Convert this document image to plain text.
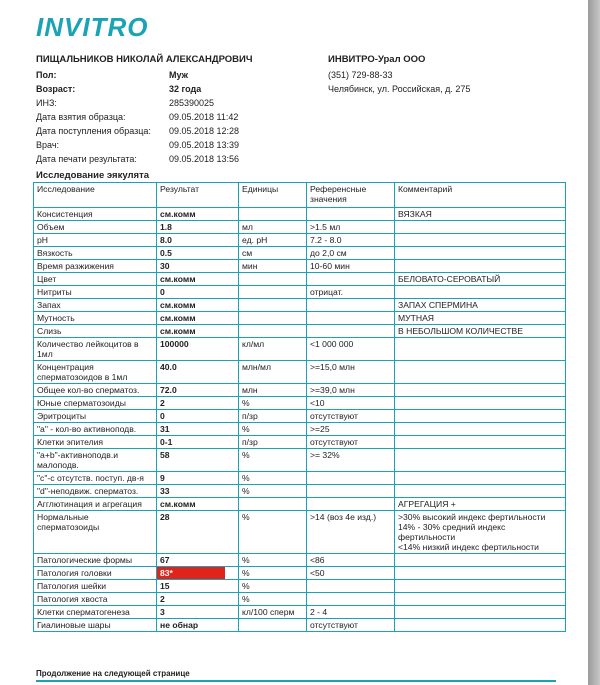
INVITRO
ПИЩАЛЬНИКОВ НИКОЛАЙ АЛЕКСАНДРОВИЧ
Пол:	Муж
Возраст:	32 года
ИНЗ:	285390025
Дата взятия образца:	09.05.2018 11:42
Дата поступления образца:	09.05.2018 12:28
Врач:	09.05.2018 13:39
Дата печати результата:	09.05.2018 13:56
ИНВИТРО-Урал ООО
(351) 729-88-33
Челябинск, ул. Российская, д. 275
Исследование эякулята
Исследование	Результат	Единицы	Референсные значения	Комментарий
Консистенция	см.комм			ВЯЗКАЯ
Объем	1.8	мл	>1.5 мл	
pH	8.0	ед. pH	7.2 - 8.0	
Вязкость	0.5	см	до 2,0 см	
Время разжижения	30	мин	10-60 мин	
Цвет	см.комм			БЕЛОВАТО-СЕРОВАТЫЙ
Нитриты	0		отрицат.	
Запах	см.комм			ЗАПАХ СПЕРМИНА
Мутность	см.комм			МУТНАЯ
Слизь	см.комм			В НЕБОЛЬШОМ КОЛИЧЕСТВЕ
Количество лейкоцитов в 1мл	100000	кл/мл	<1 000 000	
Концентрация сперматозоидов в 1мл	40.0	млн/мл	>=15,0 млн	
Общее кол-во сперматоз.	72.0	млн	>=39,0 млн	
Юные сперматозоиды	2	%	<10	
Эритроциты	0	п/зр	отсутствуют	
"a" - кол-во активноподв.	31	%	>=25	
Клетки эпителия	0-1	п/зр	отсутствуют	
"a+b"-активноподв.и малоподв.	58	%	>= 32%	
"c"-с отсутств. поступ. дв-я	9	%		
"d"-неподвиж. сперматоз.	33	%		
Агглютинация и агрегация	см.комм			АГРЕГАЦИЯ +
Нормальные сперматозоиды	28	%	>14 (воз 4е изд.)	>30% высокий индекс фертильности
14% - 30% средний индекс фертильности
<14% низкий индекс фертильности
Патологические формы	67	%	<86	
Патология головки	83*	%	<50	
Патология шейки	15	%		
Патология хвоста	2	%		
Клетки сперматогенеза	3	кл/100 сперм	2 - 4	
Гиалиновые шары	не обнар		отсутствуют	
Продолжение на следующей странице
